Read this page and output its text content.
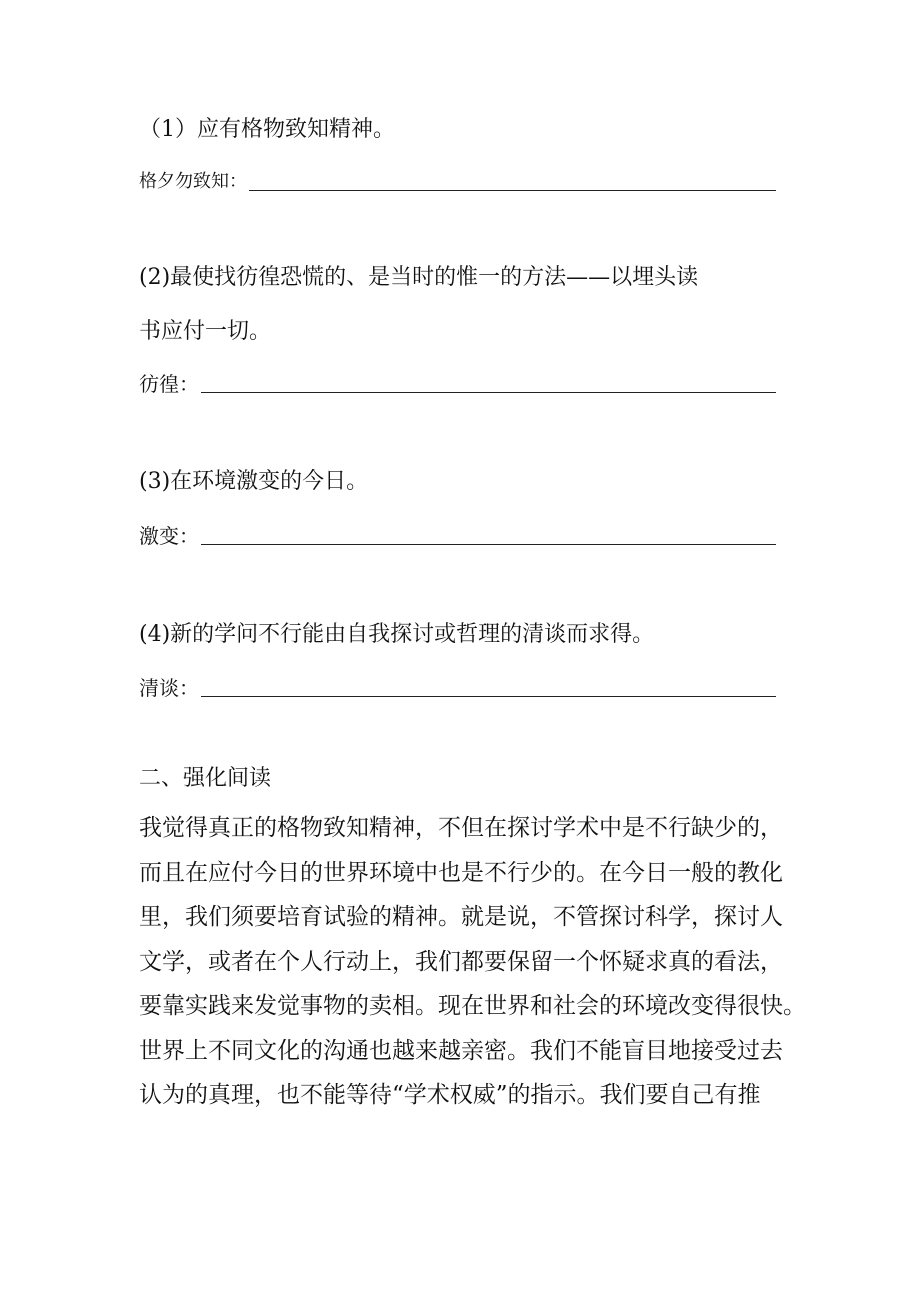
（1）应有格物致知精神。
格夕勿致知：
(2)最使找彷徨恐慌的、是当时的惟一的方法——以埋头读
书应付一切。
彷徨：
(3)在环境激变的今日。
激变：
(4)新的学问不行能由自我探讨或哲理的清谈而求得。
清谈：
二、强化间读

我觉得真正的格物致知精神，不但在探讨学术中是不行缺少的，

而且在应付今日的世界环境中也是不行少的。在今日一般的教化

里，我们须要培育试验的精神。就是说，不管探讨科学，探讨人

文学，或者在个人行动上，我们都要保留一个怀疑求真的看法，

要靠实践来发觉事物的卖相。现在世界和社会的环境改变得很快。

世界上不同文化的沟通也越来越亲密。我们不能盲目地接受过去

认为的真理，也不能等待“学术权威”的指示。我们要自己有推
